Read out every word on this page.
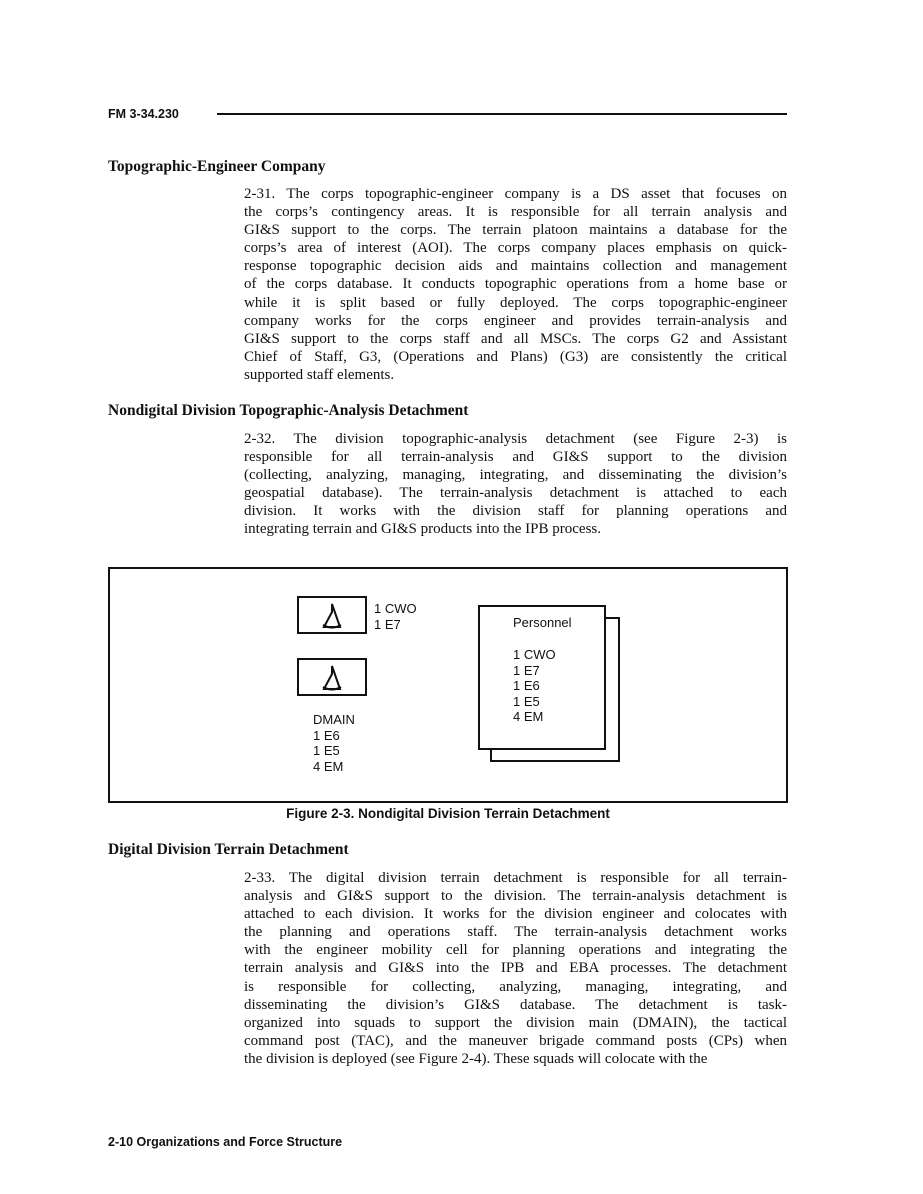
FM 3-34.230
Topographic-Engineer Company
2-31. The corps topographic-engineer company is a DS asset that focuses on
the corps’s contingency areas. It is responsible for all terrain analysis and
GI&S support to the corps. The terrain platoon maintains a database for the
corps’s area of interest (AOI). The corps company places emphasis on quick-
response topographic decision aids and maintains collection and management
of the corps database. It conducts topographic operations from a home base or
while it is split based or fully deployed. The corps topographic-engineer
company works for the corps engineer and provides terrain-analysis and
GI&S support to the corps staff and all MSCs. The corps G2 and Assistant
Chief of Staff, G3, (Operations and Plans) (G3) are consistently the critical
supported staff elements.
Nondigital Division Topographic-Analysis Detachment
2-32. The division topographic-analysis detachment (see Figure 2-3) is
responsible for all terrain-analysis and GI&S support to the division
(collecting, analyzing, managing, integrating, and disseminating the division’s
geospatial database). The terrain-analysis detachment is attached to each
division. It works with the division staff for planning operations and
integrating terrain and GI&S products into the IPB process.
1 CWO
1 E7
DMAIN
1 E6
1 E5
4 EM
Personnel
1 CWO
1 E7
1 E6
1 E5
4 EM
Figure 2-3. Nondigital Division Terrain Detachment
Digital Division Terrain Detachment
2-33. The digital division terrain detachment is responsible for all terrain-
analysis and GI&S support to the division. The terrain-analysis detachment is
attached to each division. It works for the division engineer and colocates with
the planning and operations staff. The terrain-analysis detachment works
with the engineer mobility cell for planning operations and integrating the
terrain analysis and GI&S into the IPB and EBA processes. The detachment
is responsible for collecting, analyzing, managing, integrating, and
disseminating the division’s GI&S database. The detachment is task-
organized into squads to support the division main (DMAIN), the tactical
command post (TAC), and the maneuver brigade command posts (CPs) when
the division is deployed (see Figure 2-4). These squads will colocate with the
2-10 Organizations and Force Structure
